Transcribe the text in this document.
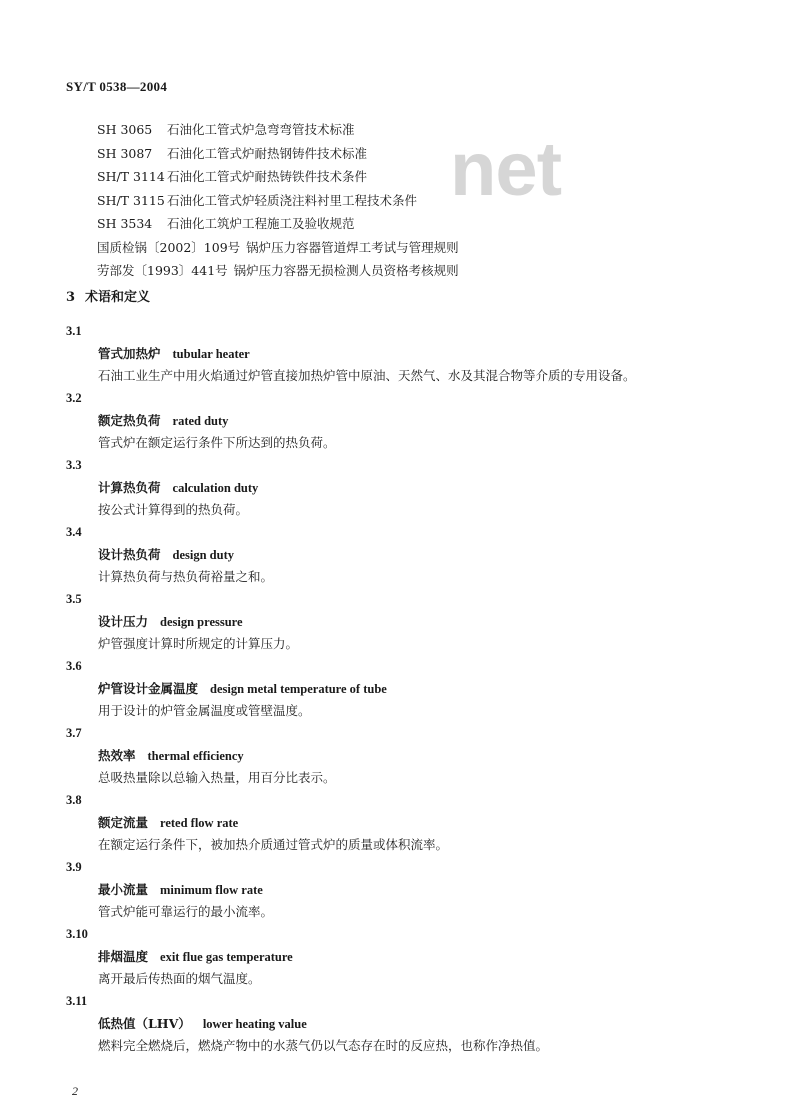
SY/T 0538—2004
net
SH 3065 石油化工管式炉急弯弯管技术标准
SH 3087 石油化工管式炉耐热钢铸件技术标准
SH/T 3114 石油化工管式炉耐热铸铁件技术条件
SH/T 3115 石油化工管式炉轻质浇注料衬里工程技术条件
SH 3534 石油化工筑炉工程施工及验收规范
国质检锅〔2002〕109号 锅炉压力容器管道焊工考试与管理规则
劳部发〔1993〕441号 锅炉压力容器无损检测人员资格考核规则
3 术语和定义
3.1
管式加热炉 tubular heater
石油工业生产中用火焰通过炉管直接加热炉管中原油、天然气、水及其混合物等介质的专用设备。
3.2
额定热负荷 rated duty
管式炉在额定运行条件下所达到的热负荷。
3.3
计算热负荷 calculation duty
按公式计算得到的热负荷。
3.4
设计热负荷 design duty
计算热负荷与热负荷裕量之和。
3.5
设计压力 design pressure
炉管强度计算时所规定的计算压力。
3.6
炉管设计金属温度 design metal temperature of tube
用于设计的炉管金属温度或管壁温度。
3.7
热效率 thermal efficiency
总吸热量除以总输入热量，用百分比表示。
3.8
额定流量 reted flow rate
在额定运行条件下，被加热介质通过管式炉的质量或体积流率。
3.9
最小流量 minimum flow rate
管式炉能可靠运行的最小流率。
3.10
排烟温度 exit flue gas temperature
离开最后传热面的烟气温度。
3.11
低热值（LHV） lower heating value
燃料完全燃烧后，燃烧产物中的水蒸气仍以气态存在时的反应热，也称作净热值。
2
